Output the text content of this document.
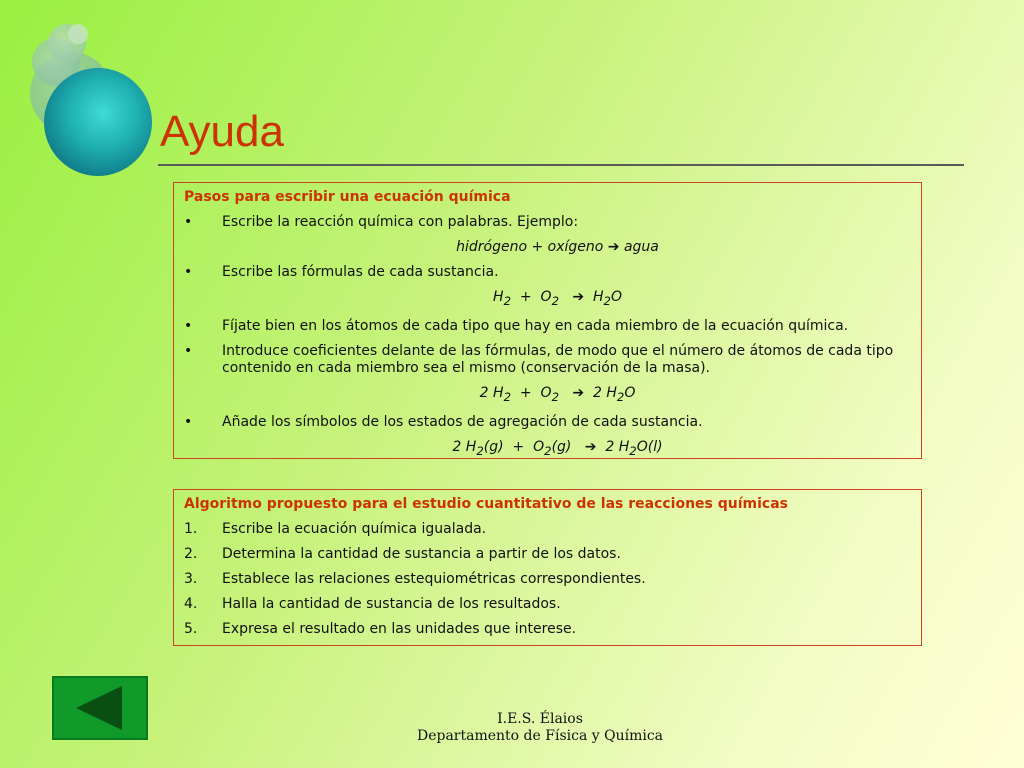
Ayuda
Pasos para escribir una ecuación química
•	Escribe la reacción química con palabras. Ejemplo:
hidrógeno + oxígeno ➔ agua
•	Escribe las fórmulas de cada sustancia.
$H_2 + O_2$ ➔ $H_2O$
•	Fíjate bien en los átomos de cada tipo que hay en cada miembro de la ecuación química.
•	Introduce coeficientes delante de las fórmulas, de modo que el número de átomos de cada tipo contenido en cada miembro sea el mismo (conservación de la masa).
2 $H_2 + O_2$ ➔ 2 $H_2O$
•	Añade los símbolos de los estados de agregación de cada sustancia.
2 $H_2(g) + O_2(g)$ ➔ 2 $H_2O(l)$
Algoritmo propuesto para el estudio cuantitativo de las reacciones químicas
1.	Escribe la ecuación química igualada.
2.	Determina la cantidad de sustancia a partir de los datos.
3.	Establece las relaciones estequiométricas correspondientes.
4.	Halla la cantidad de sustancia de los resultados.
5.	Expresa el resultado en las unidades que interese.
I.E.S. Élaios
Departamento de Física y Química
